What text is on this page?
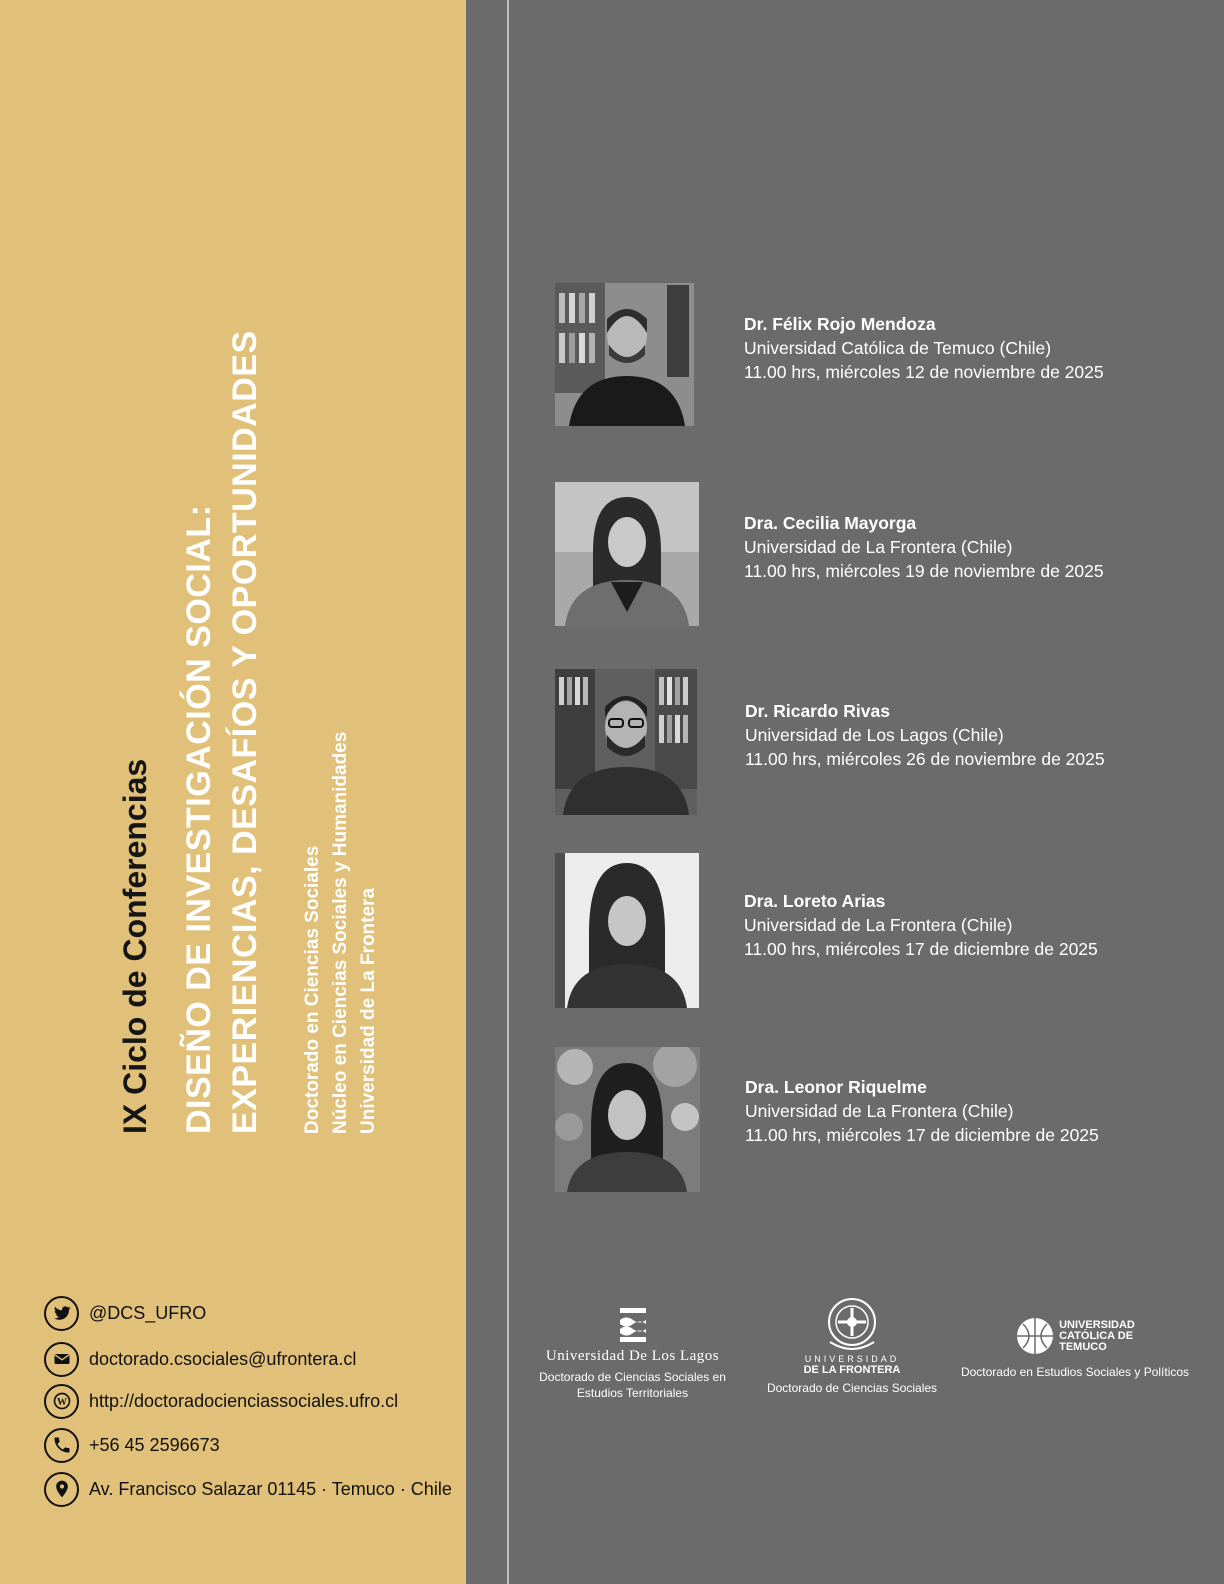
IX Ciclo de Conferencias DISEÑO DE INVESTIGACIÓN SOCIAL: EXPERIENCIAS, DESAFÍOS Y OPORTUNIDADES Doctorado en Ciencias Sociales Núcleo en Ciencias Sociales y Humanidades Universidad de La Frontera
@DCS_UFRO
doctorado.csociales@ufrontera.cl
W http://doctoradocienciassociales.ufro.cl
+56 45 2596673
Av. Francisco Salazar 01145 · Temuco · Chile
Dr. Félix Rojo Mendoza
Universidad Católica de Temuco (Chile)
11.00 hrs, miércoles 12 de noviembre de 2025
Dra. Cecilia Mayorga
Universidad de La Frontera (Chile)
11.00 hrs, miércoles 19 de noviembre de 2025
Dr. Ricardo Rivas
Universidad de Los Lagos (Chile)
11.00 hrs, miércoles 26 de noviembre de 2025
Dra. Loreto Arias
Universidad de La Frontera (Chile)
11.00 hrs, miércoles 17 de diciembre de 2025
Dra. Leonor Riquelme
Universidad de La Frontera (Chile)
11.00 hrs, miércoles 17 de diciembre de 2025
Universidad De Los Lagos
Doctorado de Ciencias Sociales en
Estudios Territoriales
UNIVERSIDAD
DE LA FRONTERA
Doctorado de Ciencias Sociales
UNIVERSIDAD
CATÓLICA DE
TEMUCO
Doctorado en Estudios Sociales y Políticos
